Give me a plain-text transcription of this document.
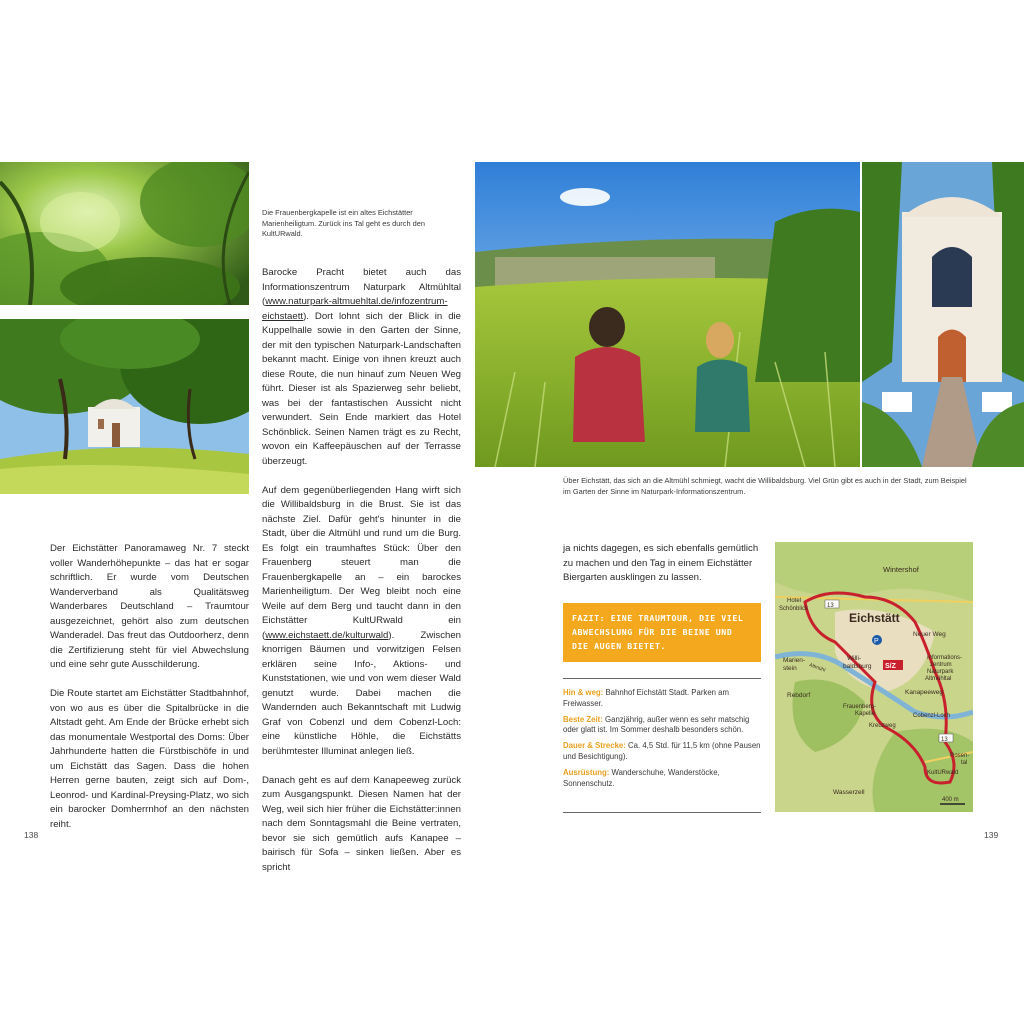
Die Frauenbergkapelle ist ein altes Eichstätter Marienheiligtum. Zurück ins Tal geht es durch den KultURwald.

Der Eichstätter Panoramaweg Nr. 7 steckt voller Wanderhöhepunkte – das hat er sogar schriftlich. Er wurde vom Deutschen Wanderverband als Qualitätsweg Wanderbares Deutschland – Traumtour ausgezeichnet, gehört also zum deutschen Wanderadel. Das freut das Outdoorherz, denn die Zertifizierung steht für viel Abwechslung und eine sehr gute Ausschilderung.

Die Route startet am Eichstätter Stadtbahnhof, von wo aus es über die Spitalbrücke in die Altstadt geht. Am Ende der Brücke erhebt sich das monumentale Westportal des Doms: Über Jahrhunderte hatten die Fürstbischöfe in und um Eichstätt das Sagen. Dass die hohen Herren gerne bauten, zeigt sich auf Dom-, Leonrod- und Kardinal-Preysing-Platz, wo sich ein barocker Domherrnhof an den nächsten reiht.

Barocke Pracht bietet auch das Informationszentrum Naturpark Altmühltal (www.naturpark-altmuehltal.de/infozentrum-eichstaett). Dort lohnt sich der Blick in die Kuppelhalle sowie in den Garten der Sinne, der mit den typischen Naturpark-Landschaften bekannt macht. Einige von ihnen kreuzt auch diese Route, die nun hinauf zum Neuen Weg führt. Dieser ist als Spazierweg sehr beliebt, was bei der fantastischen Aussicht nicht verwundert. Sein Ende markiert das Hotel Schönblick. Seinen Namen trägt es zu Recht, wovon ein Kaffeepäuschen auf der Terrasse überzeugt.

Auf dem gegenüberliegenden Hang wirft sich die Willibaldsburg in die Brust. Sie ist das nächste Ziel. Dafür geht's hinunter in die Stadt, über die Altmühl und rund um die Burg. Es folgt ein traumhaftes Stück: Über den Frauenberg steuert man die Frauenbergkapelle an – ein barockes Marienheiligtum. Der Weg bleibt noch eine Weile auf dem Berg und taucht dann in den Eichstätter KultURwald ein (www.eichstaett.de/kulturwald). Zwischen knorrigen Bäumen und vorwitzigen Felsen erklären seine Info-, Aktions- und Kunststationen, wie und von wem dieser Wald genutzt wurde. Dabei machen die Wandernden auch Bekanntschaft mit Ludwig Graf von Cobenzl und dem Cobenzl-Loch: eine künstliche Höhle, die Eichstätts berühmtester Illuminat anlegen ließ.

Danach geht es auf dem Kanapeeweg zurück zum Ausgangspunkt. Diesen Namen hat der Weg, weil sich hier früher die Eichstätter:innen nach dem Sonntagsmahl die Beine vertraten, bevor sie sich gemütlich aufs Kanapee – bairisch für Sofa – sinken ließen. Aber es spricht

Über Eichstätt, das sich an die Altmühl schmiegt, wacht die Willibaldsburg. Viel Grün gibt es auch in der Stadt, zum Beispiel im Garten der Sinne im Naturpark-Informationszentrum.

ja nichts dagegen, es sich ebenfalls gemütlich zu machen und den Tag in einem Eichstätter Biergarten ausklingen zu lassen.

FAZIT: EINE TRAUMTOUR, DIE VIEL ABWECHSLUNG FÜR DIE BEINE UND DIE AUGEN BIETET.
Hin & weg: Bahnhof Eichstätt Stadt. Parken am Freiwasser.
Beste Zeit: Ganzjährig, außer wenn es sehr matschig oder glatt ist. Im Sommer deshalb besonders schön.
Dauer & Strecke: Ca. 4,5 Std. für 11,5 km (ohne Pausen und Besichtigung).
Ausrüstung: Wanderschuhe, Wanderstöcke, Sonnenschutz.
13
13
P
S/Z
Wintershof
Hotel
Schönblick
Eichstätt
Neuer Weg
Informations-
zentrum
Naturpark
Altmühltal
Marien-
stein
Willi-
baldsburg
Kanapeeweg
Rebdorf
Frauenberg-
Kapelle
Kreuzweg
Cobenzl-Loch
Rosen-
tal
KultURwald
Wasserzell
Altmühl
400 m
138	139
